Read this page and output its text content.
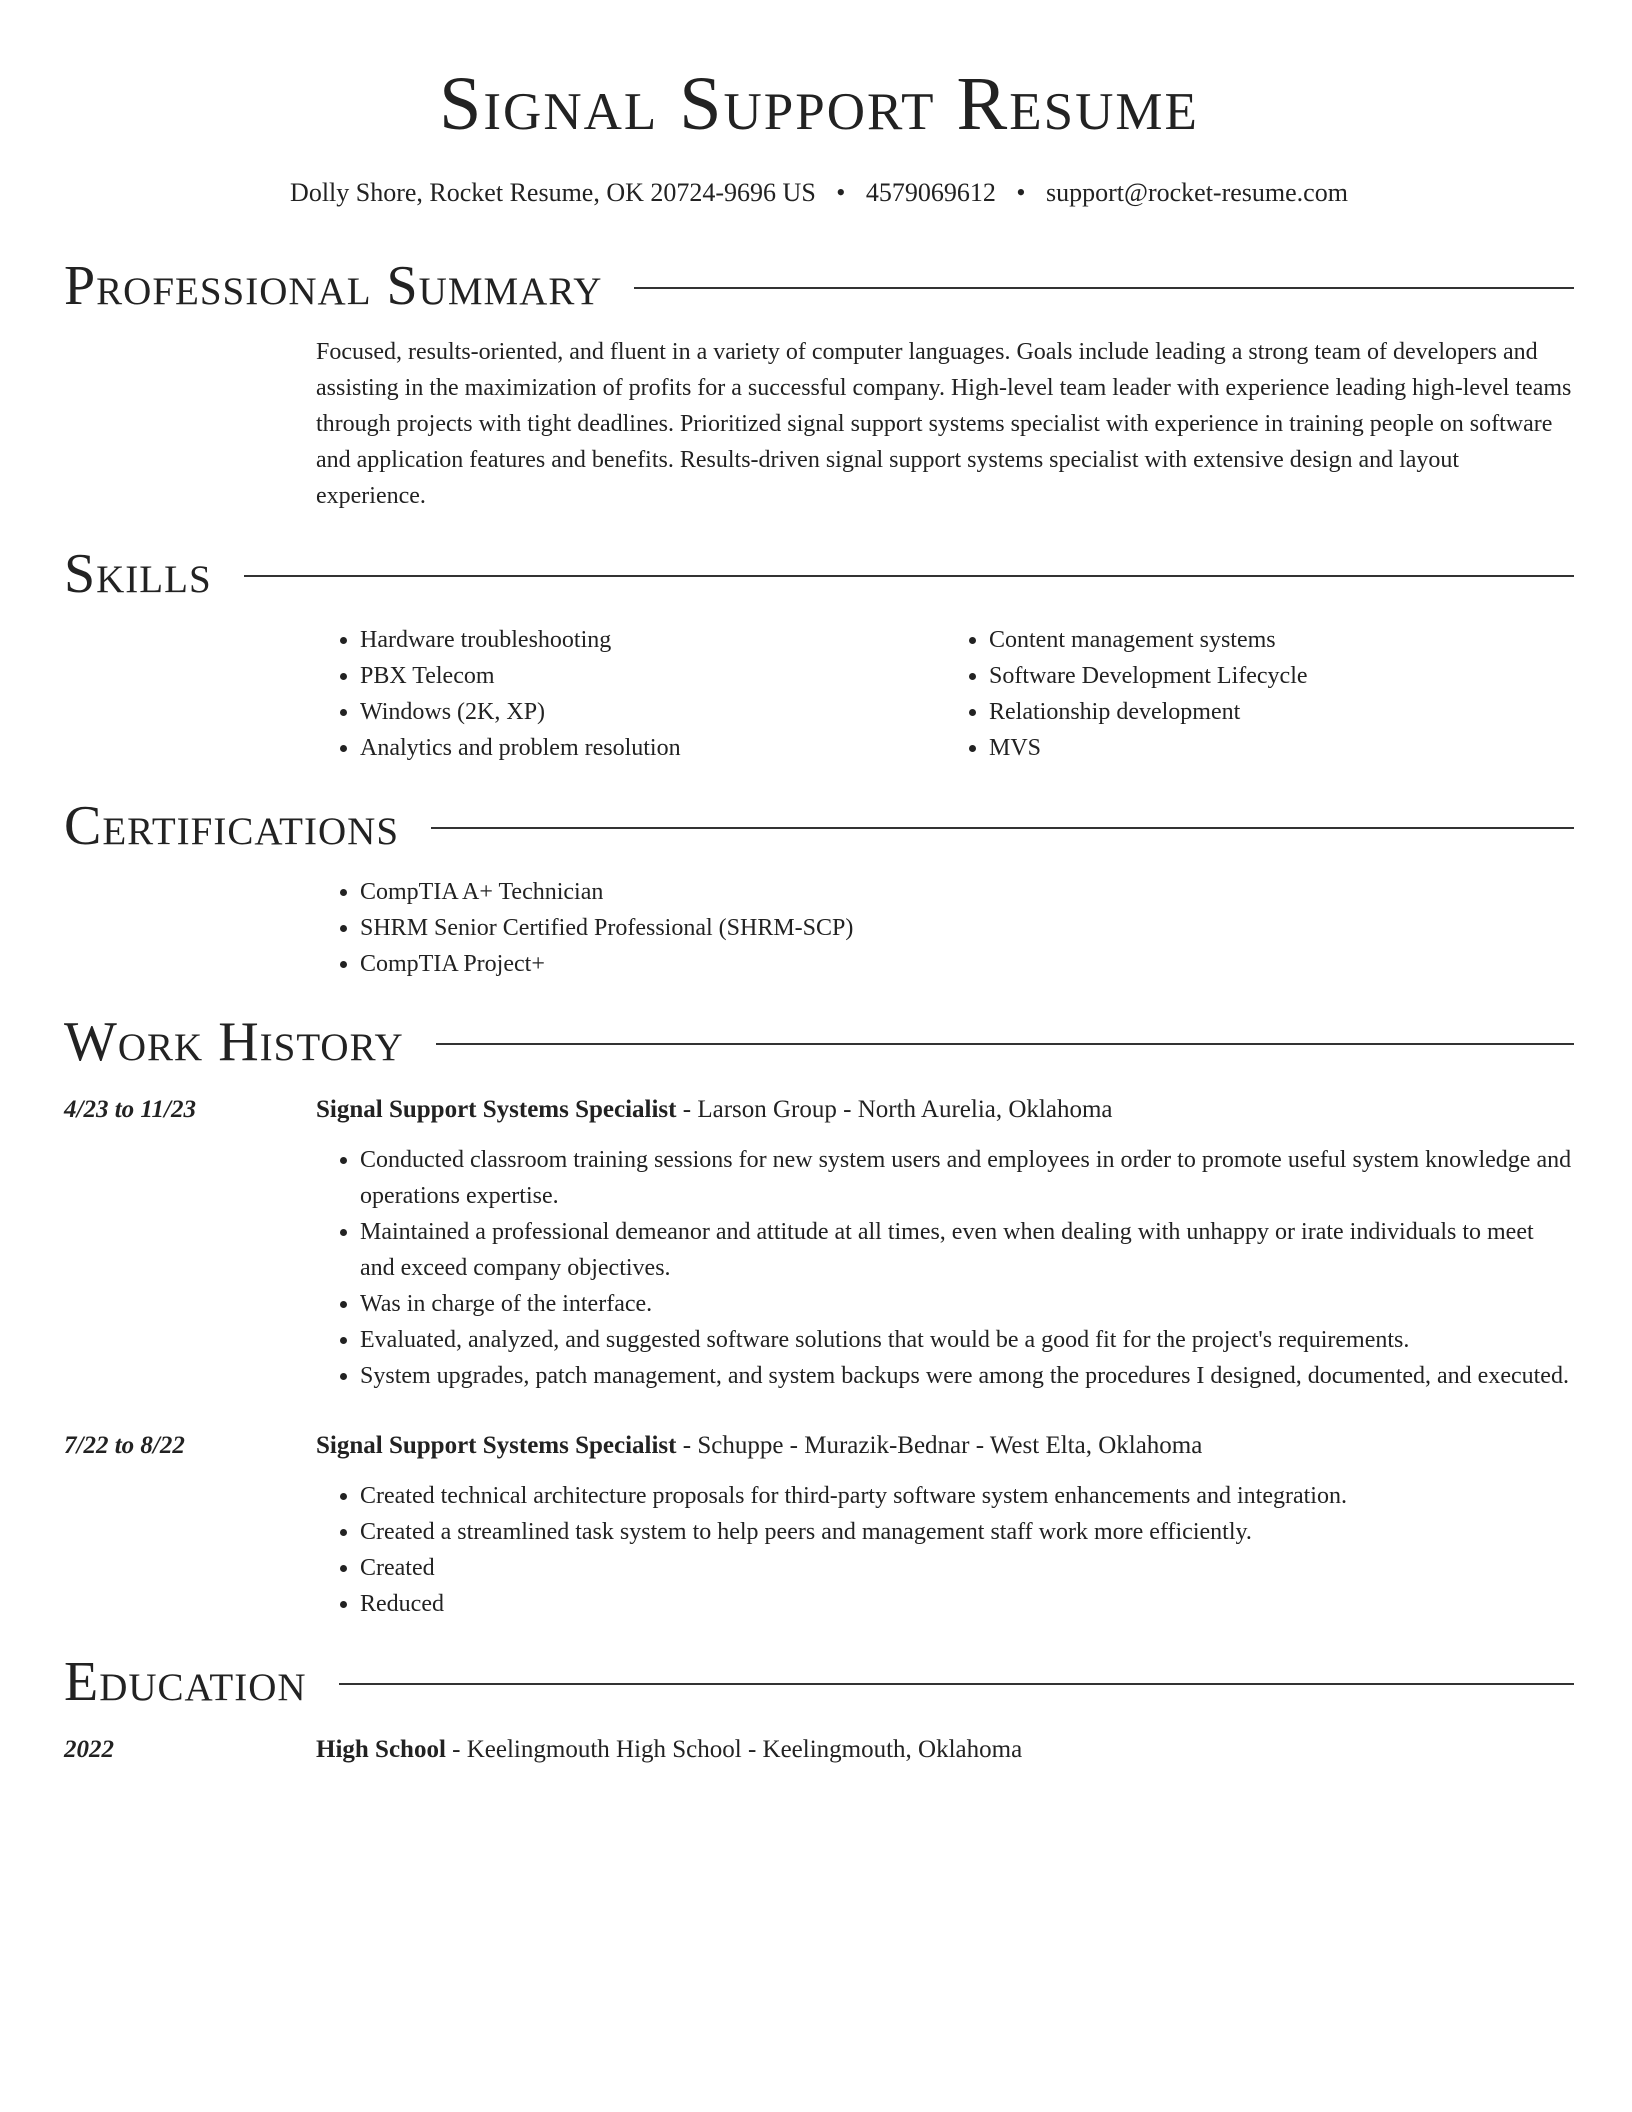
Signal Support Resume
Dolly Shore, Rocket Resume, OK 20724-9696 US • 4579069612 • support@rocket-resume.com
Professional Summary
Focused, results-oriented, and fluent in a variety of computer languages. Goals include leading a strong team of developers and assisting in the maximization of profits for a successful company. High-level team leader with experience leading high-level teams through projects with tight deadlines. Prioritized signal support systems specialist with experience in training people on software and application features and benefits. Results-driven signal support systems specialist with extensive design and layout experience.
Skills
• Hardware troubleshooting
• PBX Telecom
• Windows (2K, XP)
• Analytics and problem resolution
• Content management systems
• Software Development Lifecycle
• Relationship development
• MVS
Certifications
• CompTIA A+ Technician
• SHRM Senior Certified Professional (SHRM-SCP)
• CompTIA Project+
Work History
4/23 to 11/23	Signal Support Systems Specialist - Larson Group - North Aurelia, Oklahoma
• Conducted classroom training sessions for new system users and employees in order to promote useful system knowledge and operations expertise.
• Maintained a professional demeanor and attitude at all times, even when dealing with unhappy or irate individuals to meet and exceed company objectives.
• Was in charge of the interface.
• Evaluated, analyzed, and suggested software solutions that would be a good fit for the project's requirements.
• System upgrades, patch management, and system backups were among the procedures I designed, documented, and executed.
7/22 to 8/22	Signal Support Systems Specialist - Schuppe - Murazik-Bednar - West Elta, Oklahoma
• Created technical architecture proposals for third-party software system enhancements and integration.
• Created a streamlined task system to help peers and management staff work more efficiently.
• Created
• Reduced
Education
2022	High School - Keelingmouth High School - Keelingmouth, Oklahoma
